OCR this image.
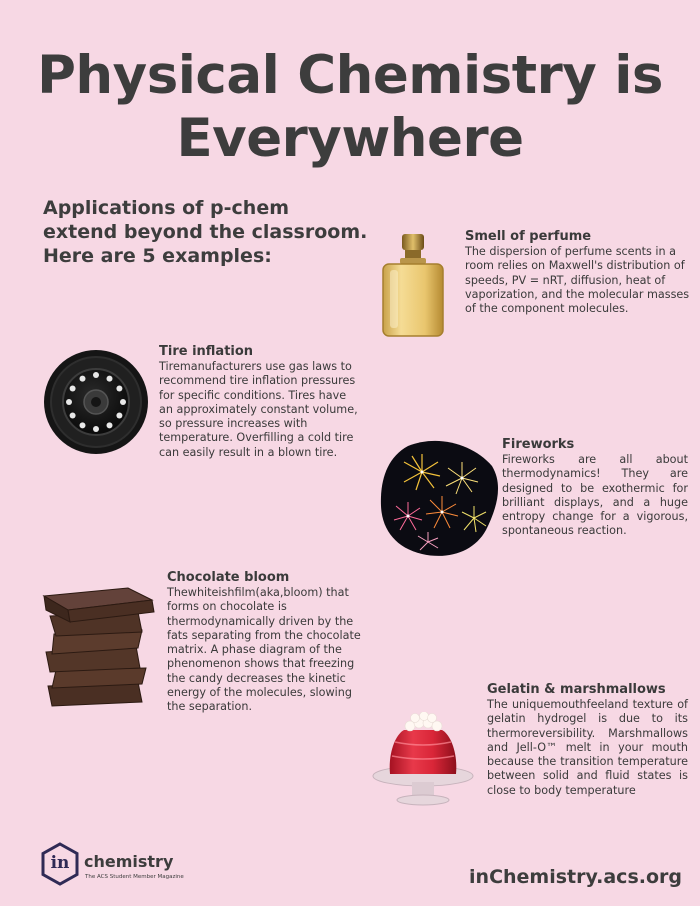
Physical Chemistry is
Everywhere
Applications of p-chem
extend beyond the classroom.
Here are 5 examples:

Smell of perfume

The dispersion of perfume scents in a room relies on Maxwell's distribution of speeds, PV = nRT, diffusion, heat of vaporization, and the molecular masses of the component molecules.

Tire inflation

Tiremanufacturers use gas laws to recommend tire inflation pressures for specific conditions. Tires have an approximately constant volume, so pressure increases with temperature. Overfilling a cold tire can easily result in a blown tire.

Fireworks

Fireworks are all about thermodynamics! They are designed to be exothermic for brilliant displays, and a huge entropy change for a vigorous, spontaneous reaction.

Chocolate bloom

Thewhiteishfilm(aka,bloom) that forms on chocolate is thermodynamically driven by the fats separating from the chocolate matrix. A phase diagram of the phenomenon shows that freezing the candy decreases the kinetic energy of the molecules, slowing the separation.

Gelatin & marshmallows

The uniquemouthfeeland texture of gelatin hydrogel is due to its thermoreversibility. Marshmallows and Jell-O™ melt in your mouth because the transition temperature between solid and fluid states is close to body temperature

in chemistry
The ACS Student Member Magazine	inChemistry.acs.org
